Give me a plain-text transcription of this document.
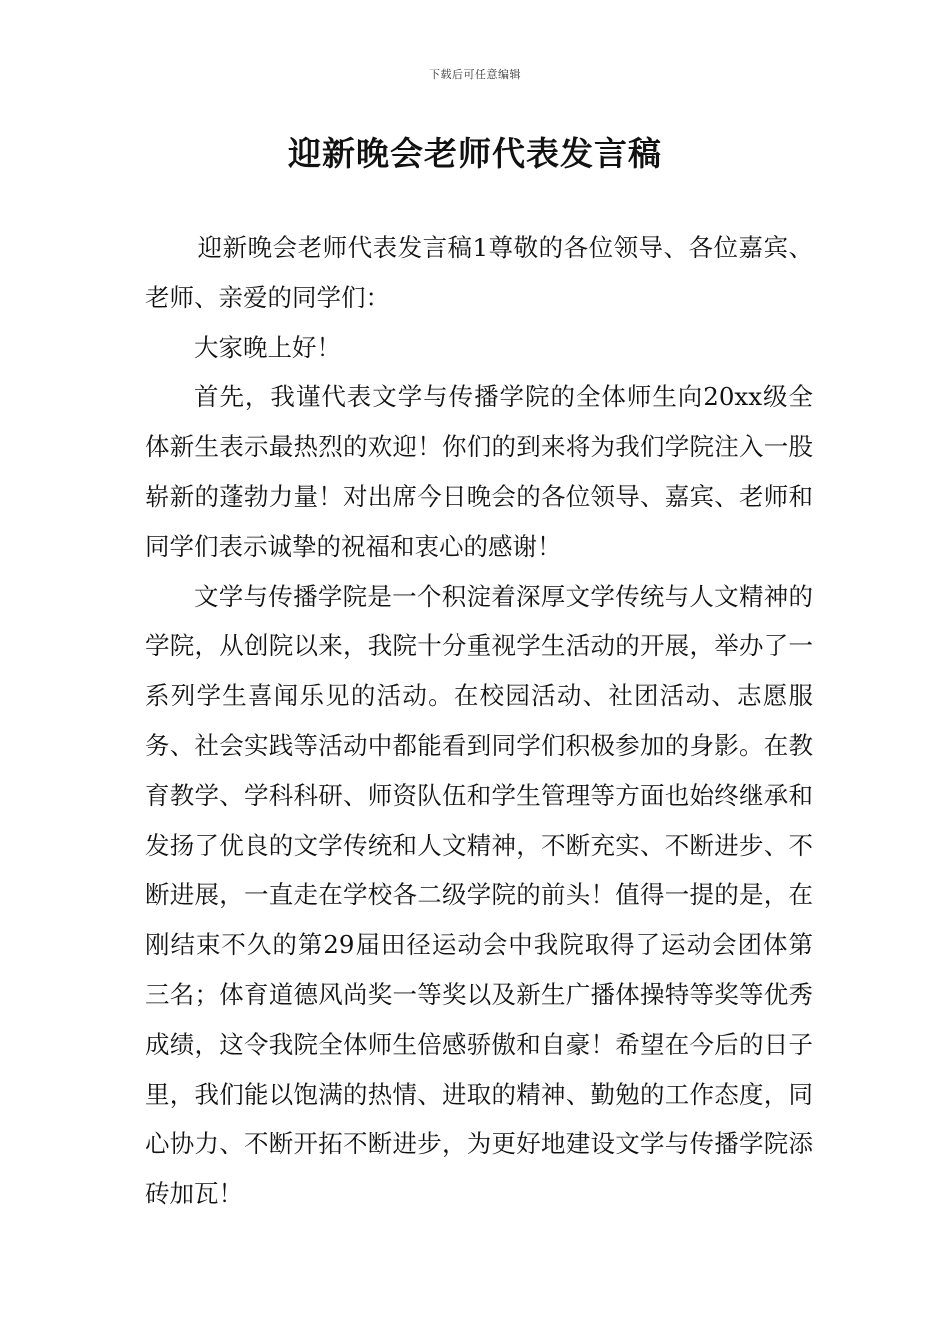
下载后可任意编辑
迎新晚会老师代表发言稿

迎新晚会老师代表发言稿1尊敬的各位领导、各位嘉宾、老师、亲爱的同学们：

大家晚上好！

首先，我谨代表文学与传播学院的全体师生向20xx级全体新生表示最热烈的欢迎！你们的到来将为我们学院注入一股崭新的蓬勃力量！对出席今日晚会的各位领导、嘉宾、老师和同学们表示诚挚的祝福和衷心的感谢！

文学与传播学院是一个积淀着深厚文学传统与人文精神的学院，从创院以来，我院十分重视学生活动的开展，举办了一系列学生喜闻乐见的活动。在校园活动、社团活动、志愿服务、社会实践等活动中都能看到同学们积极参加的身影。在教育教学、学科科研、师资队伍和学生管理等方面也始终继承和发扬了优良的文学传统和人文精神，不断充实、不断进步、不断进展，一直走在学校各二级学院的前头！值得一提的是，在刚结束不久的第29届田径运动会中我院取得了运动会团体第三名；体育道德风尚奖一等奖以及新生广播体操特等奖等优秀成绩，这令我院全体师生倍感骄傲和自豪！希望在今后的日子里，我们能以饱满的热情、进取的精神、勤勉的工作态度，同心协力、不断开拓不断进步，为更好地建设文学与传播学院添砖加瓦！
